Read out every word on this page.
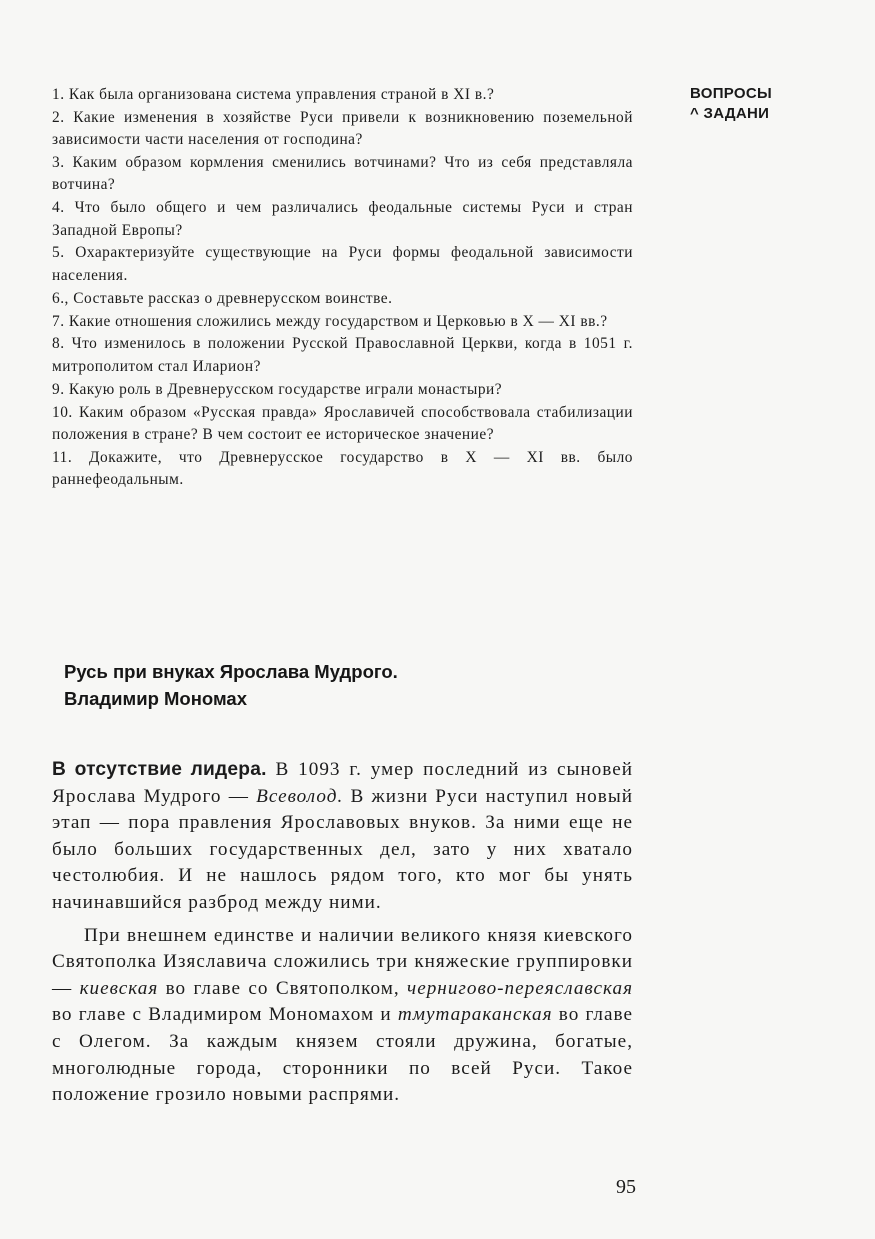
ВОПРОСЫ
^ ЗАДАНИ
1. Как была организована система управления страной в XI в.?
2. Какие изменения в хозяйстве Руси привели к возникновению поземельной зависимости части населения от господина?
3. Каким образом кормления сменились вотчинами? Что из себя представляла вотчина?
4. Что было общего и чем различались феодальные системы Руси и стран Западной Европы?
5. Охарактеризуйте существующие на Руси формы феодальной зависимости населения.
6., Составьте рассказ о древнерусском воинстве.
7. Какие отношения сложились между государством и Церковью в X — XI вв.?
8. Что изменилось в положении Русской Православной Церкви, когда в 1051 г. митрополитом стал Иларион?
9. Какую роль в Древнерусском государстве играли монастыри?
10. Каким образом «Русская правда» Ярославичей способствовала стабилизации положения в стране? В чем состоит ее историческое значение?
11. Докажите, что Древнерусское государство в X — XI вв. было раннефеодальным.
Русь при внуках Ярослава Мудрого.
Владимир Мономах

В отсутствие лидера. В 1093 г. умер последний из сыновей Ярослава Мудрого — Всеволод. В жизни Руси наступил новый этап — пора правления Ярославовых внуков. За ними еще не было больших государственных дел, зато у них хватало честолюбия. И не нашлось рядом того, кто мог бы унять начинавшийся разброд между ними.

При внешнем единстве и наличии великого князя киевского Святополка Изяславича сложились три княжеские группировки — киевская во главе со Святополком, чернигово-переяславская во главе с Владимиром Мономахом и тмутараканская во главе с Олегом. За каждым князем стояли дружина, богатые, многолюдные города, сторонники по всей Руси. Такое положение грозило новыми распрями.

95
